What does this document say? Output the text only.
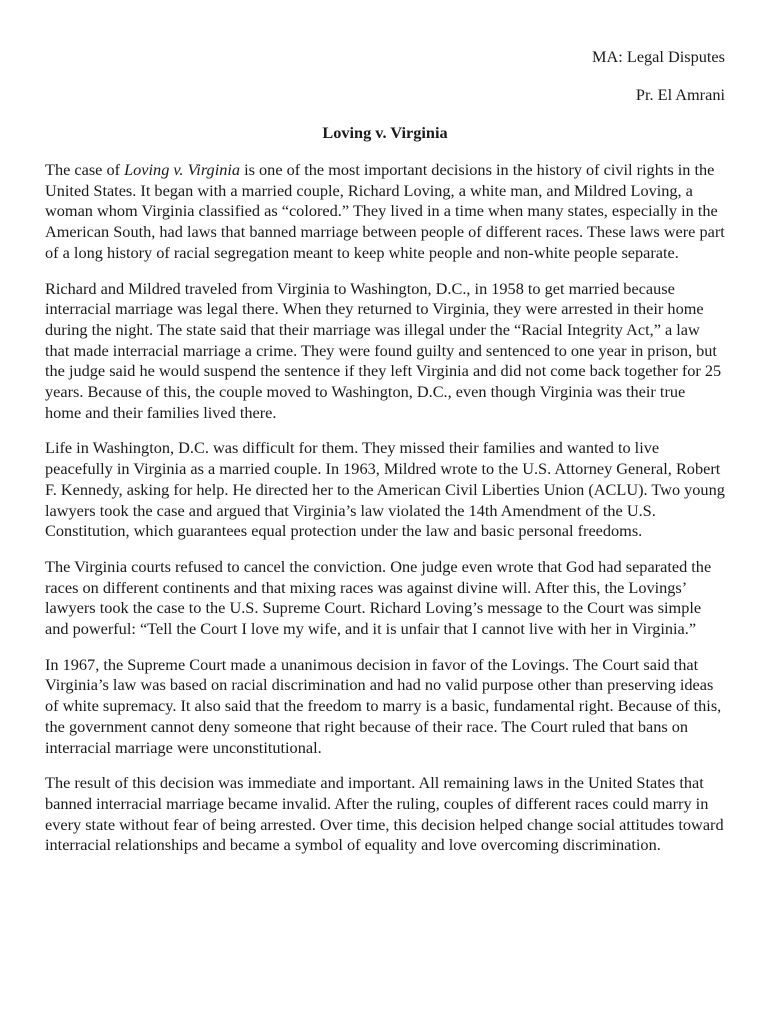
MA: Legal Disputes

Pr. El Amrani

Loving v. Virginia

The case of Loving v. Virginia is one of the most important decisions in the history of civil rights in the United States. It began with a married couple, Richard Loving, a white man, and Mildred Loving, a woman whom Virginia classified as “colored.” They lived in a time when many states, especially in the American South, had laws that banned marriage between people of different races. These laws were part of a long history of racial segregation meant to keep white people and non-white people separate.

Richard and Mildred traveled from Virginia to Washington, D.C., in 1958 to get married because interracial marriage was legal there. When they returned to Virginia, they were arrested in their home during the night. The state said that their marriage was illegal under the “Racial Integrity Act,” a law that made interracial marriage a crime. They were found guilty and sentenced to one year in prison, but the judge said he would suspend the sentence if they left Virginia and did not come back together for 25 years. Because of this, the couple moved to Washington, D.C., even though Virginia was their true home and their families lived there.

Life in Washington, D.C. was difficult for them. They missed their families and wanted to live peacefully in Virginia as a married couple. In 1963, Mildred wrote to the U.S. Attorney General, Robert F. Kennedy, asking for help. He directed her to the American Civil Liberties Union (ACLU). Two young lawyers took the case and argued that Virginia’s law violated the 14th Amendment of the U.S. Constitution, which guarantees equal protection under the law and basic personal freedoms.

The Virginia courts refused to cancel the conviction. One judge even wrote that God had separated the races on different continents and that mixing races was against divine will. After this, the Lovings’ lawyers took the case to the U.S. Supreme Court. Richard Loving’s message to the Court was simple and powerful: “Tell the Court I love my wife, and it is unfair that I cannot live with her in Virginia.”

In 1967, the Supreme Court made a unanimous decision in favor of the Lovings. The Court said that Virginia’s law was based on racial discrimination and had no valid purpose other than preserving ideas of white supremacy. It also said that the freedom to marry is a basic, fundamental right. Because of this, the government cannot deny someone that right because of their race. The Court ruled that bans on interracial marriage were unconstitutional.

The result of this decision was immediate and important. All remaining laws in the United States that banned interracial marriage became invalid. After the ruling, couples of different races could marry in every state without fear of being arrested. Over time, this decision helped change social attitudes toward interracial relationships and became a symbol of equality and love overcoming discrimination.
